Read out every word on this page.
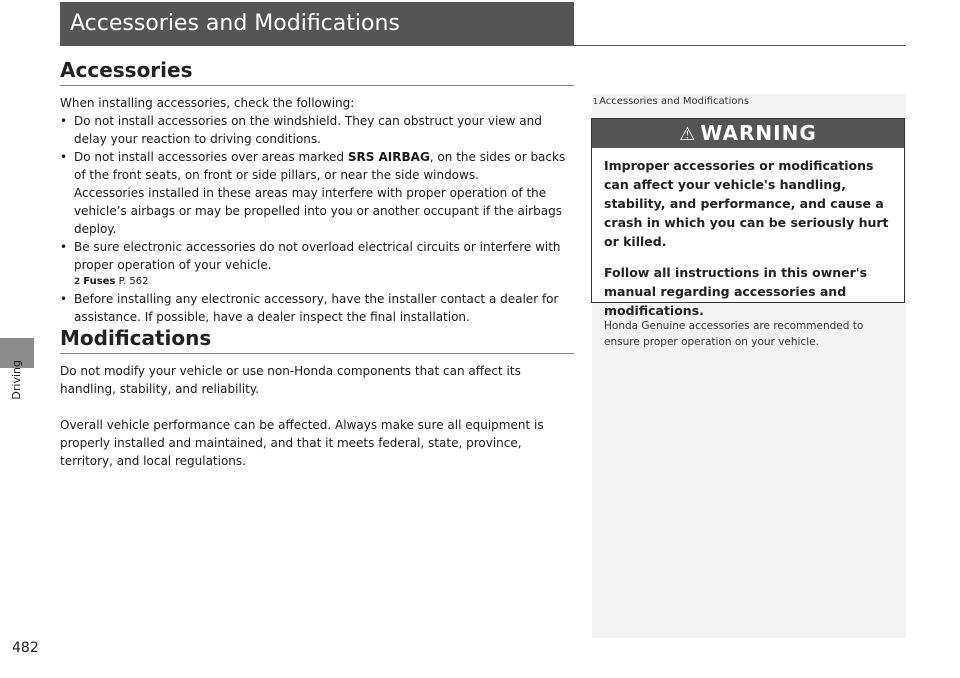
Driving
482
Accessories and Modifications
Accessories

When installing accessories, check the following:

• Do not install accessories on the windshield. They can obstruct your view and delay your reaction to driving conditions.
• Do not install accessories over areas marked SRS AIRBAG, on the sides or backs of the front seats, on front or side pillars, or near the side windows.
Accessories installed in these areas may interfere with proper operation of the vehicle’s airbags or may be propelled into you or another occupant if the airbags deploy.
• Be sure electronic accessories do not overload electrical circuits or interfere with proper operation of your vehicle.
2 Fuses P. 562
• Before installing any electronic accessory, have the installer contact a dealer for assistance. If possible, have a dealer inspect the final installation.
Modifications

Do not modify your vehicle or use non-Honda components that can affect its handling, stability, and reliability.

Overall vehicle performance can be affected. Always make sure all equipment is properly installed and maintained, and that it meets federal, state, province, territory, and local regulations.

1Accessories and Modifications
⚠ WARNING

Improper accessories or modifications can affect your vehicle's handling, stability, and performance, and cause a crash in which you can be seriously hurt or killed.

Follow all instructions in this owner's manual regarding accessories and modifications.

Honda Genuine accessories are recommended to ensure proper operation on your vehicle.
